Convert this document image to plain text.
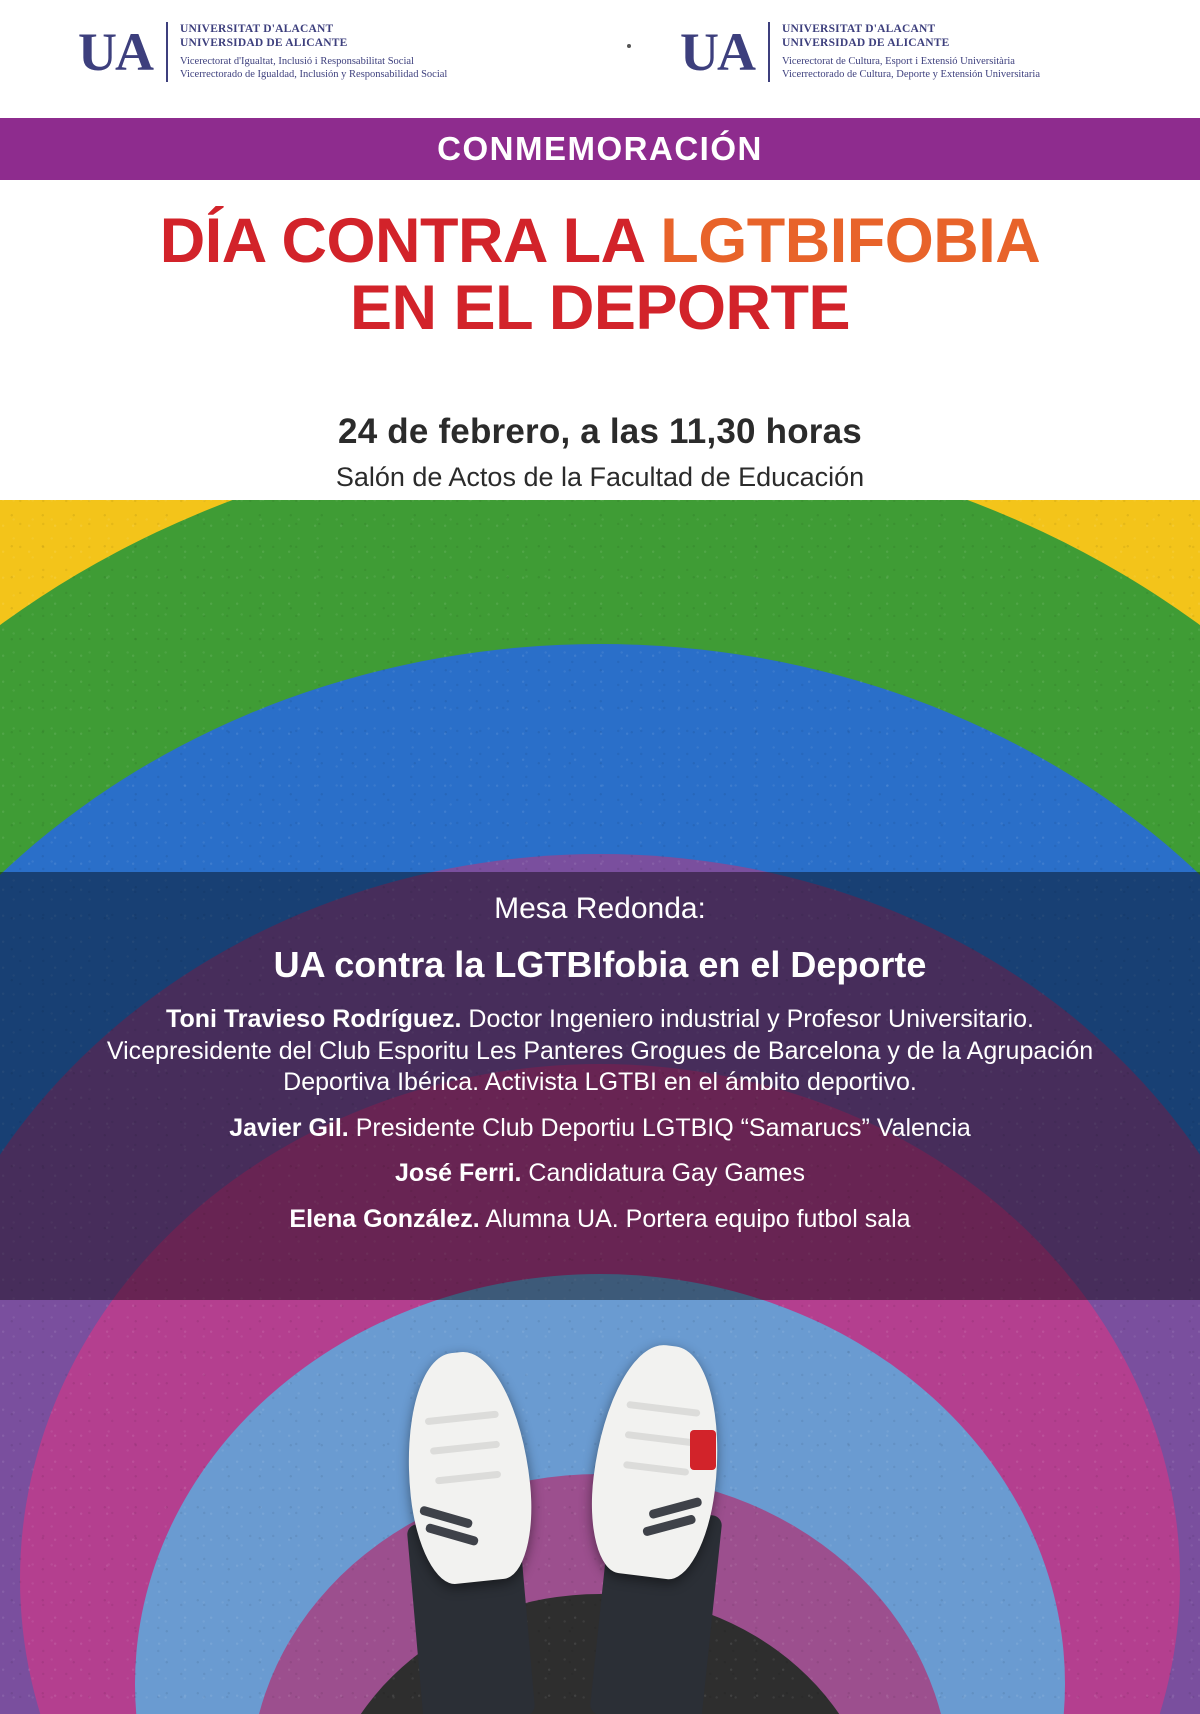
UA	UNIVERSITAT D'ALACANT
UNIVERSIDAD DE ALICANTE
Vicerectorat d'Igualtat, Inclusió i Responsabilitat Social
Vicerrectorado de Igualdad, Inclusión y Responsabilidad Social	UA	UNIVERSITAT D'ALACANT
UNIVERSIDAD DE ALICANTE
Vicerectorat de Cultura, Esport i Extensió Universitària
Vicerrectorado de Cultura, Deporte y Extensión Universitaria
CONMEMORACIÓN
DÍA CONTRA LA LGTBIFOBIA
EN EL DEPORTE
24 de febrero, a las 11,30 horas
Salón de Actos de la Facultad de Educación
Mesa Redonda:
UA contra la LGTBIfobia en el Deporte
Toni Travieso Rodríguez. Doctor Ingeniero industrial y Profesor Universitario. Vicepresidente del Club Esporitu Les Panteres Grogues de Barcelona y de la Agrupación Deportiva Ibérica. Activista LGTBI en el ámbito deportivo.
Javier Gil. Presidente Club Deportiu LGTBIQ “Samarucs” Valencia
José Ferri. Candidatura Gay Games
Elena González. Alumna UA. Portera equipo futbol sala
